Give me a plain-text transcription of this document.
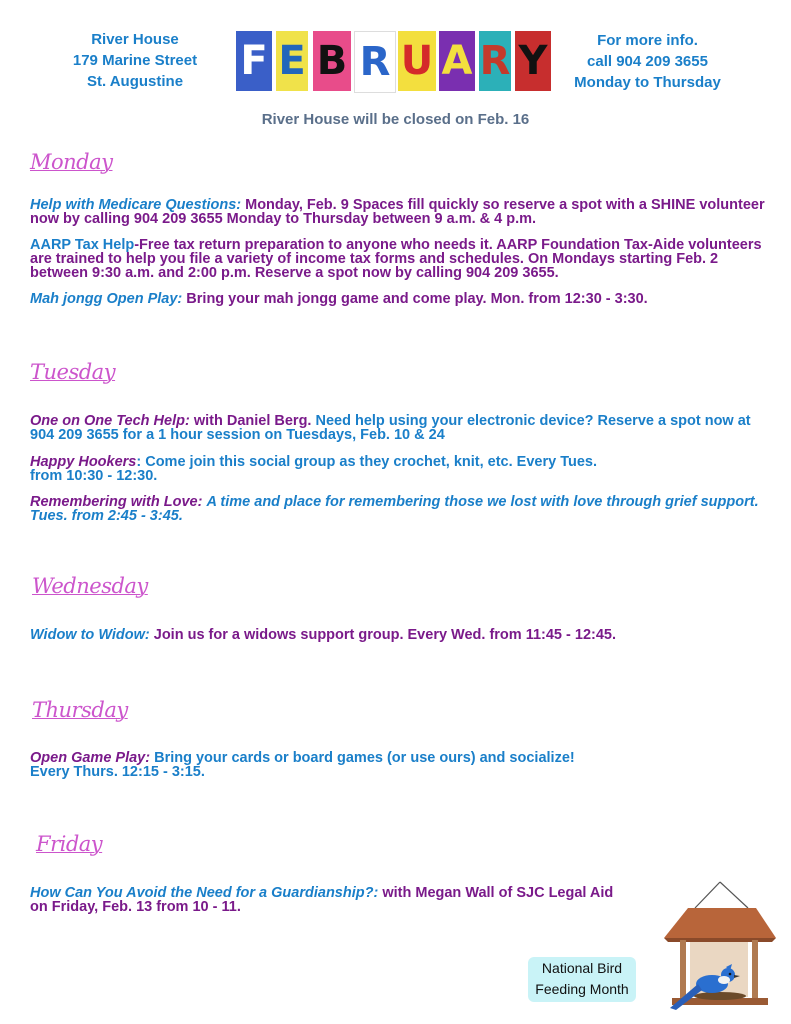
River House
179 Marine Street
St. Augustine	F E B R U A R Y	For more info.
call 904 209 3655
Monday to Thursday
River House will be closed on Feb. 16
Monday
Help with Medicare Questions: Monday, Feb. 9 Spaces fill quickly so reserve a spot with a SHINE volunteer now by calling 904 209 3655 Monday to Thursday between 9 a.m. & 4 p.m.
AARP Tax Help-Free tax return preparation to anyone who needs it. AARP Foundation Tax-Aide volunteers are trained to help you file a variety of income tax forms and schedules. On Mondays starting Feb. 2 between 9:30 a.m. and 2:00 p.m. Reserve a spot now by calling 904 209 3655.
Mah jongg Open Play: Bring your mah jongg game and come play. Mon. from 12:30 - 3:30.
Tuesday
One on One Tech Help: with Daniel Berg. Need help using your electronic device? Reserve a spot now at 904 209 3655 for a 1 hour session on Tuesdays, Feb. 10 & 24
Happy Hookers: Come join this social group as they crochet, knit, etc. Every Tues.
from 10:30 - 12:30.
Remembering with Love: A time and place for remembering those we lost with love through grief support. Tues. from 2:45 - 3:45.
Wednesday
Widow to Widow: Join us for a widows support group. Every Wed. from 11:45 - 12:45.
Thursday
Open Game Play: Bring your cards or board games (or use ours) and socialize!
Every Thurs. 12:15 - 3:15.
Friday
How Can You Avoid the Need for a Guardianship?: with Megan Wall of SJC Legal Aid
on Friday, Feb. 13 from 10 - 11.
National Bird
Feeding Month
